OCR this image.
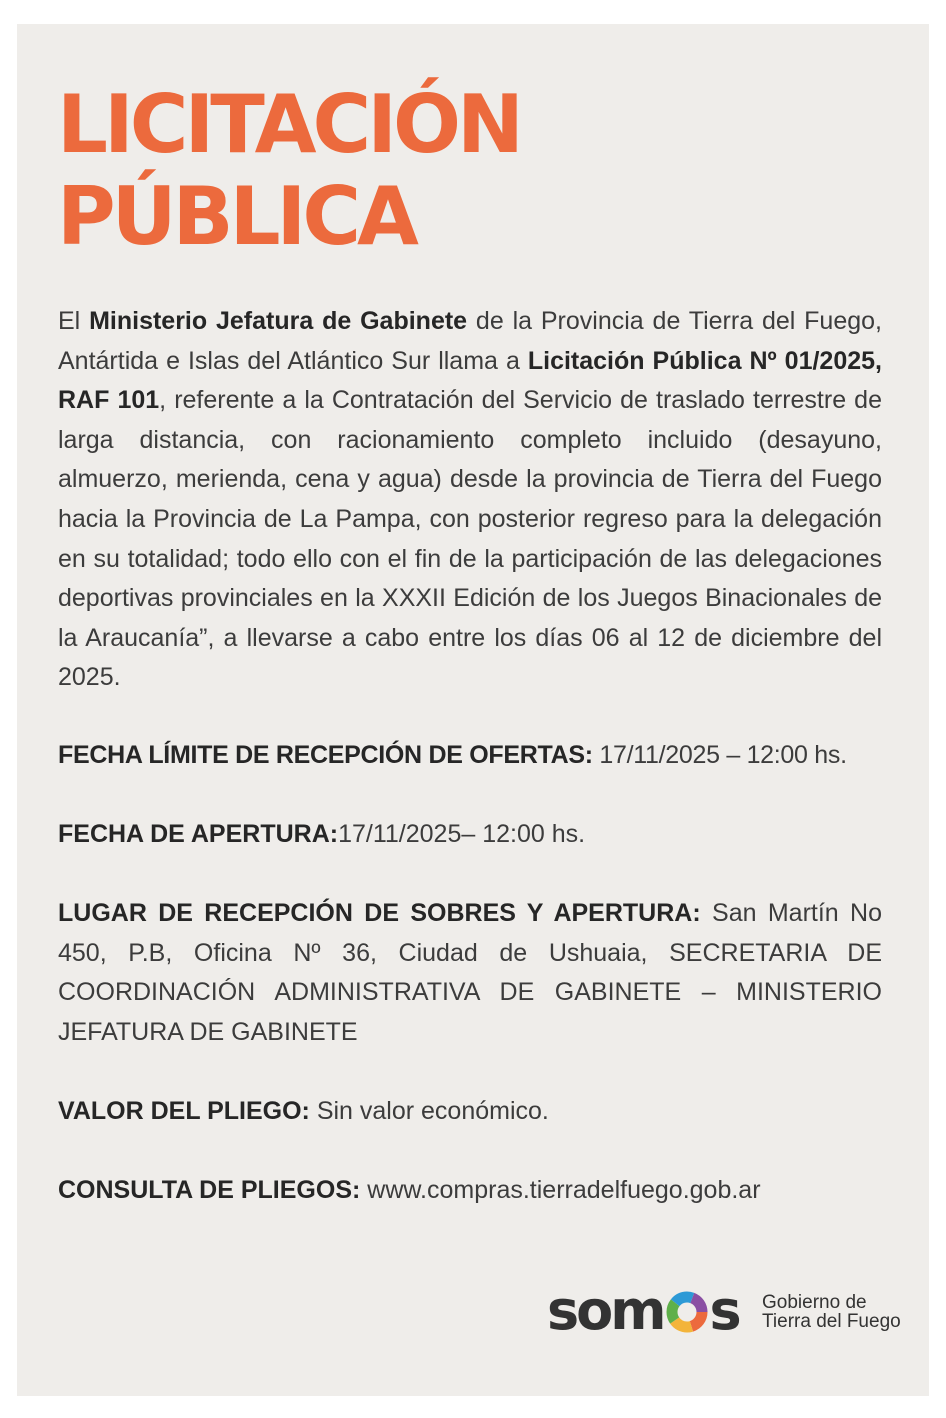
LICITACIÓN
PÚBLICA

El Ministerio Jefatura de Gabinete de la Provincia de Tierra del Fuego, Antártida e Islas del Atlántico Sur llama a Licitación Pública Nº 01/2025, RAF 101, referente a la Contratación del Servicio de traslado terrestre de larga distancia, con racionamiento completo incluido (desayuno, almuerzo, merienda, cena y agua) desde la provincia de Tierra del Fuego hacia la Provincia de La Pampa, con posterior regreso para la delegación en su totalidad; todo ello con el fin de la participación de las delegaciones deportivas provinciales en la XXXII Edición de los Juegos Binacionales de la Araucanía”, a llevarse a cabo entre los días 06 al 12 de diciembre del 2025.

FECHA LÍMITE DE RECEPCIÓN DE OFERTAS: 17/11/2025 – 12:00 hs.

FECHA DE APERTURA:17/11/2025– 12:00 hs.

LUGAR DE RECEPCIÓN DE SOBRES Y APERTURA: San Martín No 450, P.B, Oficina Nº 36, Ciudad de Ushuaia, SECRETARIA DE COORDINACIÓN ADMINISTRATIVA DE GABINETE – MINISTERIO JEFATURA DE GABINETE

VALOR DEL PLIEGO: Sin valor económico.

CONSULTA DE PLIEGOS: www.compras.tierradelfuego.gob.ar

som s Gobierno de
Tierra del Fuego
